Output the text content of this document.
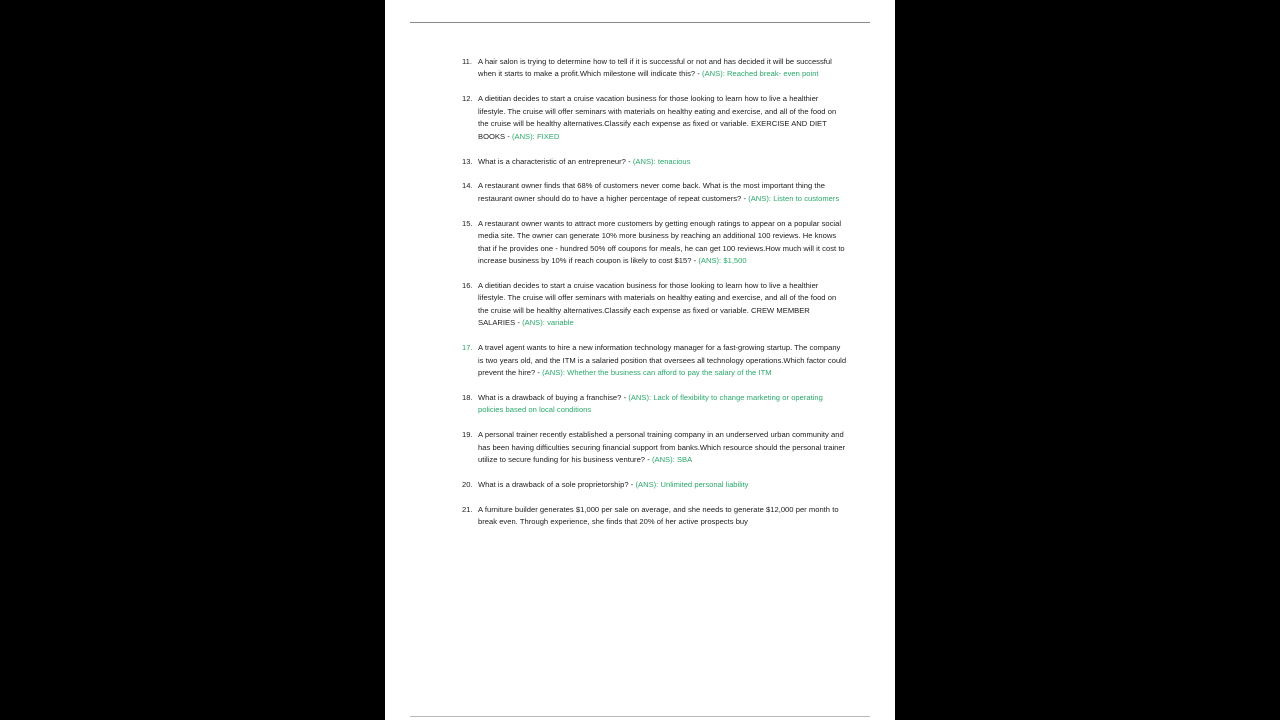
11. A hair salon is trying to determine how to tell if it is successful or not and has decided it will be successful when it starts to make a profit.Which milestone will indicate this? - (ANS): Reached break- even point
12. A dietitian decides to start a cruise vacation business for those looking to learn how to live a healthier lifestyle. The cruise will offer seminars with materials on healthy eating and exercise, and all of the food on the cruise will be healthy alternatives.Classify each expense as fixed or variable. EXERCISE AND DIET BOOKS - (ANS): FIXED
13. What is a characteristic of an entrepreneur? - (ANS): tenacious
14. A restaurant owner finds that 68% of customers never come back. What is the most important thing the restaurant owner should do to have a higher percentage of repeat customers? - (ANS): Listen to customers
15. A restaurant owner wants to attract more customers by getting enough ratings to appear on a popular social media site. The owner can generate 10% more business by reaching an additional 100 reviews. He knows that if he provides one - hundred 50% off coupons for meals, he can get 100 reviews.How much will it cost to increase business by 10% if reach coupon is likely to cost $15? - (ANS): $1,500
16. A dietitian decides to start a cruise vacation business for those looking to learn how to live a healthier lifestyle. The cruise will offer seminars with materials on healthy eating and exercise, and all of the food on the cruise will be healthy alternatives.Classify each expense as fixed or variable. CREW MEMBER SALARIES - (ANS): variable
17. A travel agent wants to hire a new information technology manager for a fast-growing startup. The company is two years old, and the ITM is a salaried position that oversees all technology operations.Which factor could prevent the hire? - (ANS): Whether the business can afford to pay the salary of the ITM
18. What is a drawback of buying a franchise? - (ANS): Lack of flexibility to change marketing or operating policies based on local conditions
19. A personal trainer recently established a personal training company in an underserved urban community and has been having difficulties securing financial support from banks.Which resource should the personal trainer utilize to secure funding for his business venture? - (ANS): SBA
20. What is a drawback of a sole proprietorship? - (ANS): Unlimited personal liability
21. A furniture builder generates $1,000 per sale on average, and she needs to generate $12,000 per month to break even. Through experience, she finds that 20% of her active prospects buy
